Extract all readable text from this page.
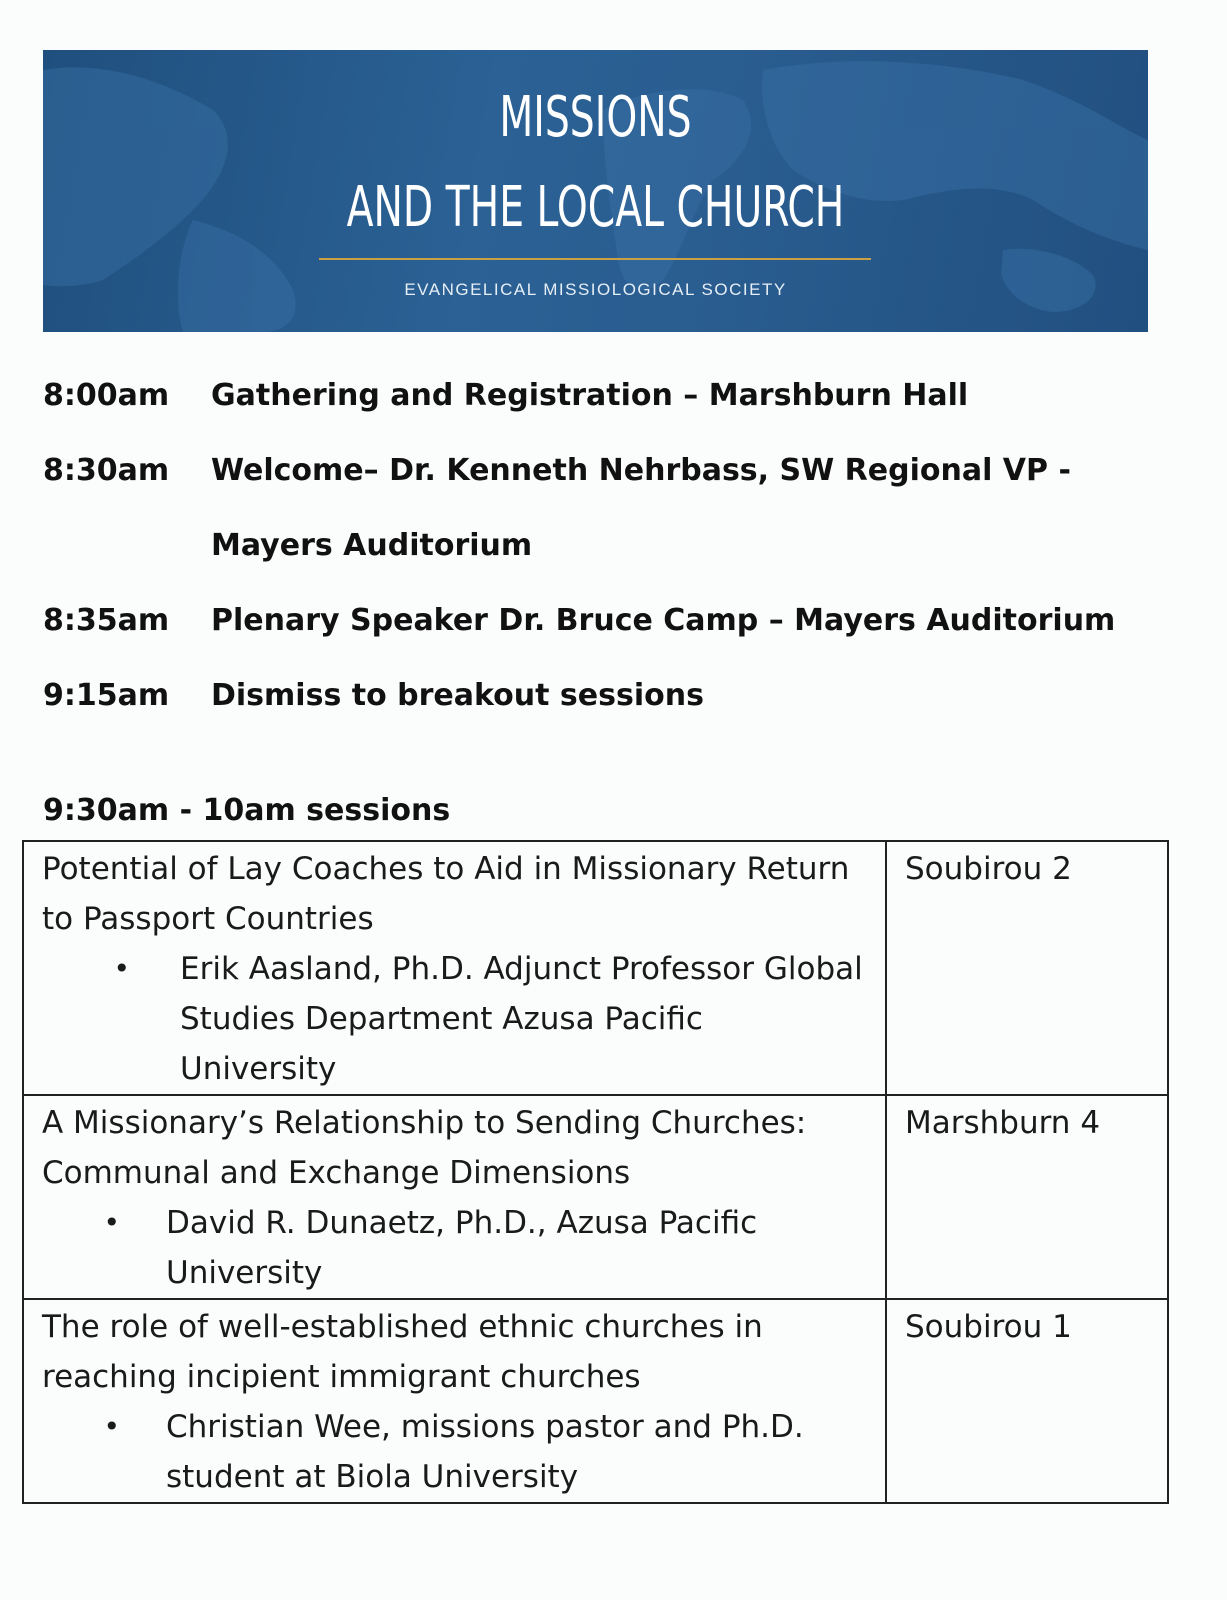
MISSIONS
AND THE LOCAL CHURCH
EVANGELICAL MISSIOLOGICAL SOCIETY
8:00am	Gathering and Registration – Marshburn Hall
8:30am	Welcome– Dr. Kenneth Nehrbass, SW Regional VP -
Mayers Auditorium
8:35am	Plenary Speaker Dr. Bruce Camp – Mayers Auditorium
9:15am	Dismiss to breakout sessions
9:30am - 10am sessions
Potential of Lay Coaches to Aid in Missionary Return to Passport Countries
• Erik Aasland, Ph.D. Adjunct Professor Global Studies Department Azusa Pacific University	Soubirou 2

A Missionary’s Relationship to Sending Churches: Communal and Exchange Dimensions
• David R. Dunaetz, Ph.D., Azusa Pacific University	Marshburn 4

The role of well-established ethnic churches in reaching incipient immigrant churches
• Christian Wee, missions pastor and Ph.D. student at Biola University	Soubirou 1
